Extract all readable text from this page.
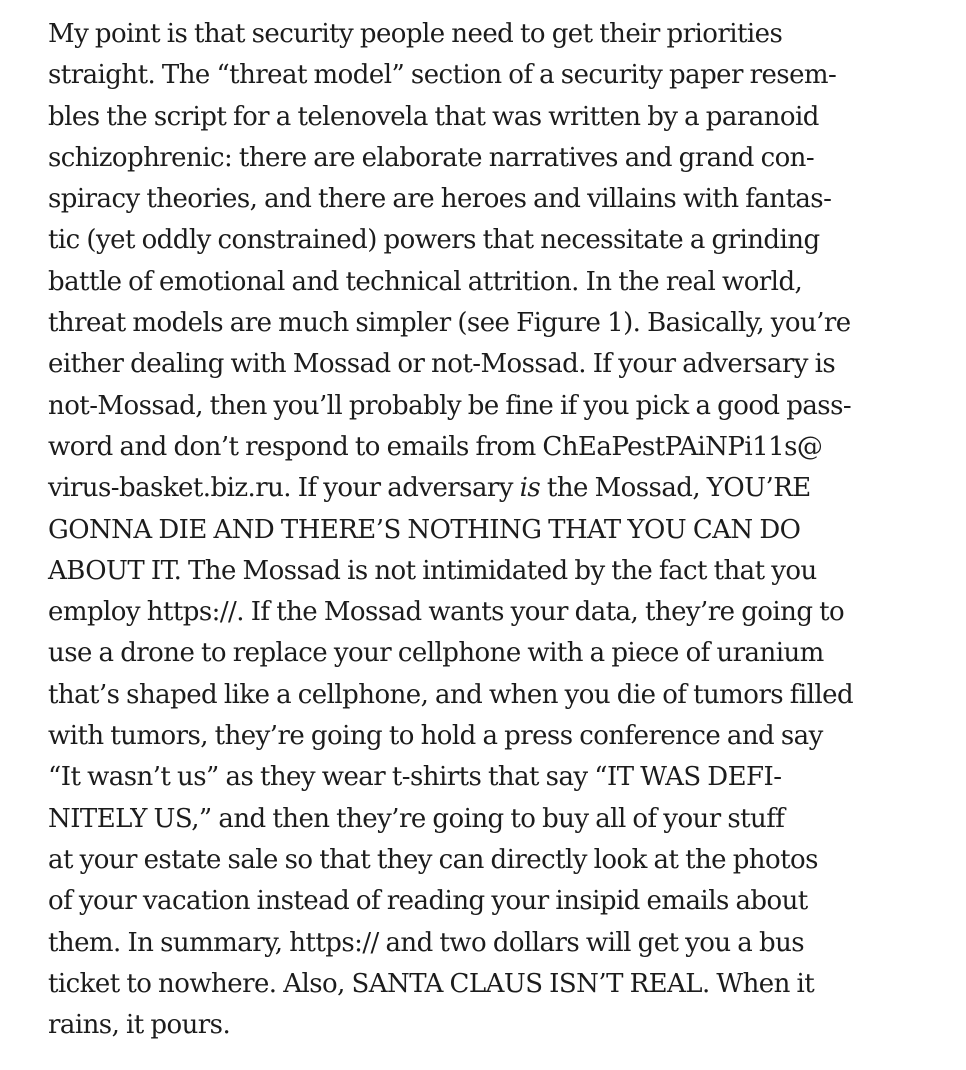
My point is that security people need to get their priorities
straight. The “threat model” section of a security paper resem-
bles the script for a telenovela that was written by a paranoid
schizophrenic: there are elaborate narratives and grand con-
spiracy theories, and there are heroes and villains with fantas-
tic (yet oddly constrained) powers that necessitate a grinding
battle of emotional and technical attrition. In the real world,
threat models are much simpler (see Figure 1). Basically, you’re
either dealing with Mossad or not-Mossad. If your adversary is
not-Mossad, then you’ll probably be fine if you pick a good pass-
word and don’t respond to emails from ChEaPestPAiNPi11s@
virus-basket.biz.ru. If your adversary is the Mossad, YOU’RE
GONNA DIE AND THERE’S NOTHING THAT YOU CAN DO
ABOUT IT. The Mossad is not intimidated by the fact that you
employ https://. If the Mossad wants your data, they’re going to
use a drone to replace your cellphone with a piece of uranium
that’s shaped like a cellphone, and when you die of tumors filled
with tumors, they’re going to hold a press conference and say
“It wasn’t us” as they wear t-shirts that say “IT WAS DEFI-
NITELY US,” and then they’re going to buy all of your stuff
at your estate sale so that they can directly look at the photos
of your vacation instead of reading your insipid emails about
them. In summary, https:// and two dollars will get you a bus
ticket to nowhere. Also, SANTA CLAUS ISN’T REAL. When it
rains, it pours.
